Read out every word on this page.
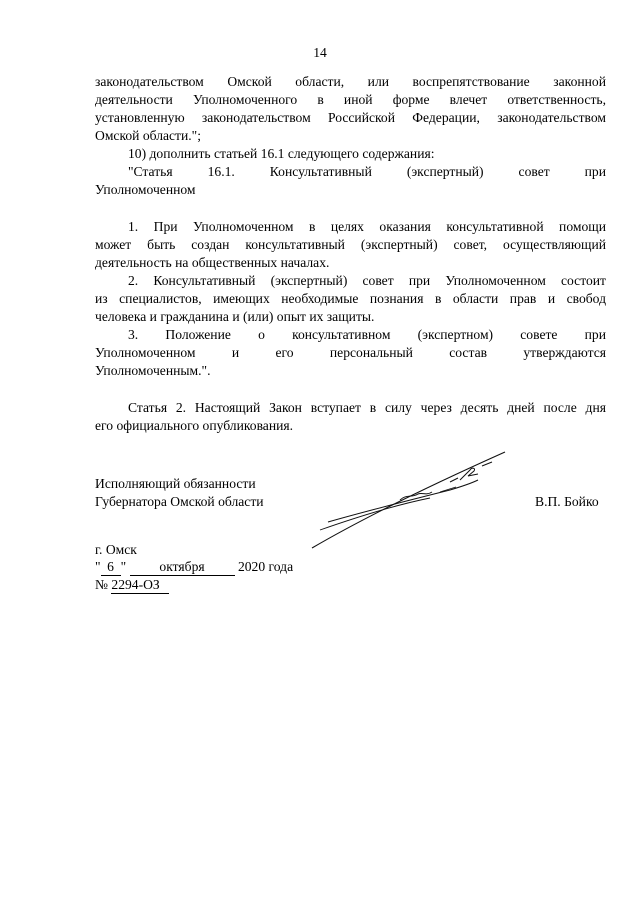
14

законодательством Омской области, или воспрепятствование законной
деятельности Уполномоченного в иной форме влечет ответственность,
установленную законодательством Российской Федерации, законодательством
Омской области.";

10) дополнить статьей 16.1 следующего содержания:

"Статья 16.1. Консультативный (экспертный) совет при
Уполномоченном

1. При Уполномоченном в целях оказания консультативной помощи
может быть создан консультативный (экспертный) совет, осуществляющий
деятельность на общественных началах.

2. Консультативный (экспертный) совет при Уполномоченном состоит
из специалистов, имеющих необходимые познания в области прав и свобод
человека и гражданина и (или) опыт их защиты.

3. Положение о консультативном (экспертном) совете при
Уполномоченном и его персональный состав утверждаются
Уполномоченным.".

Статья 2. Настоящий Закон вступает в силу через десять дней после дня
его официального опубликования.

Исполняющий обязанности
Губернатора Омской области	В.П. Бойко
г. Омск
" 6 " октября 2020 года
№ 2294-ОЗ
